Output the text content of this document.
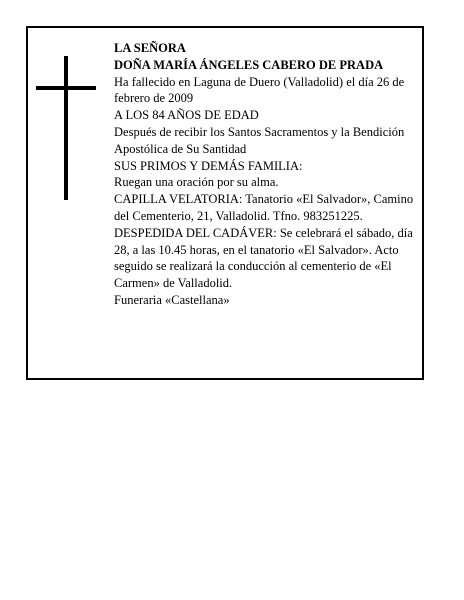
LA SEÑORA

DOÑA MARÍA ÁNGELES CABERO DE PRADA

Ha fallecido en Laguna de Duero (Valladolid) el día 26 de febrero de 2009

A LOS 84 AÑOS DE EDAD

Después de recibir los Santos Sacramentos y la Bendición Apostólica de Su Santidad

SUS PRIMOS Y DEMÁS FAMILIA:

Ruegan una oración por su alma.

CAPILLA VELATORIA: Tanatorio «El Salvador», Camino del Cementerio, 21, Valladolid. Tfno. 983251225.

DESPEDIDA DEL CADÁVER: Se celebrará el sábado, día 28, a las 10.45 horas, en el tanatorio «El Salvador». Acto seguido se realizará la conducción al cementerio de «El Carmen» de Valladolid.

Funeraria «Castellana»
